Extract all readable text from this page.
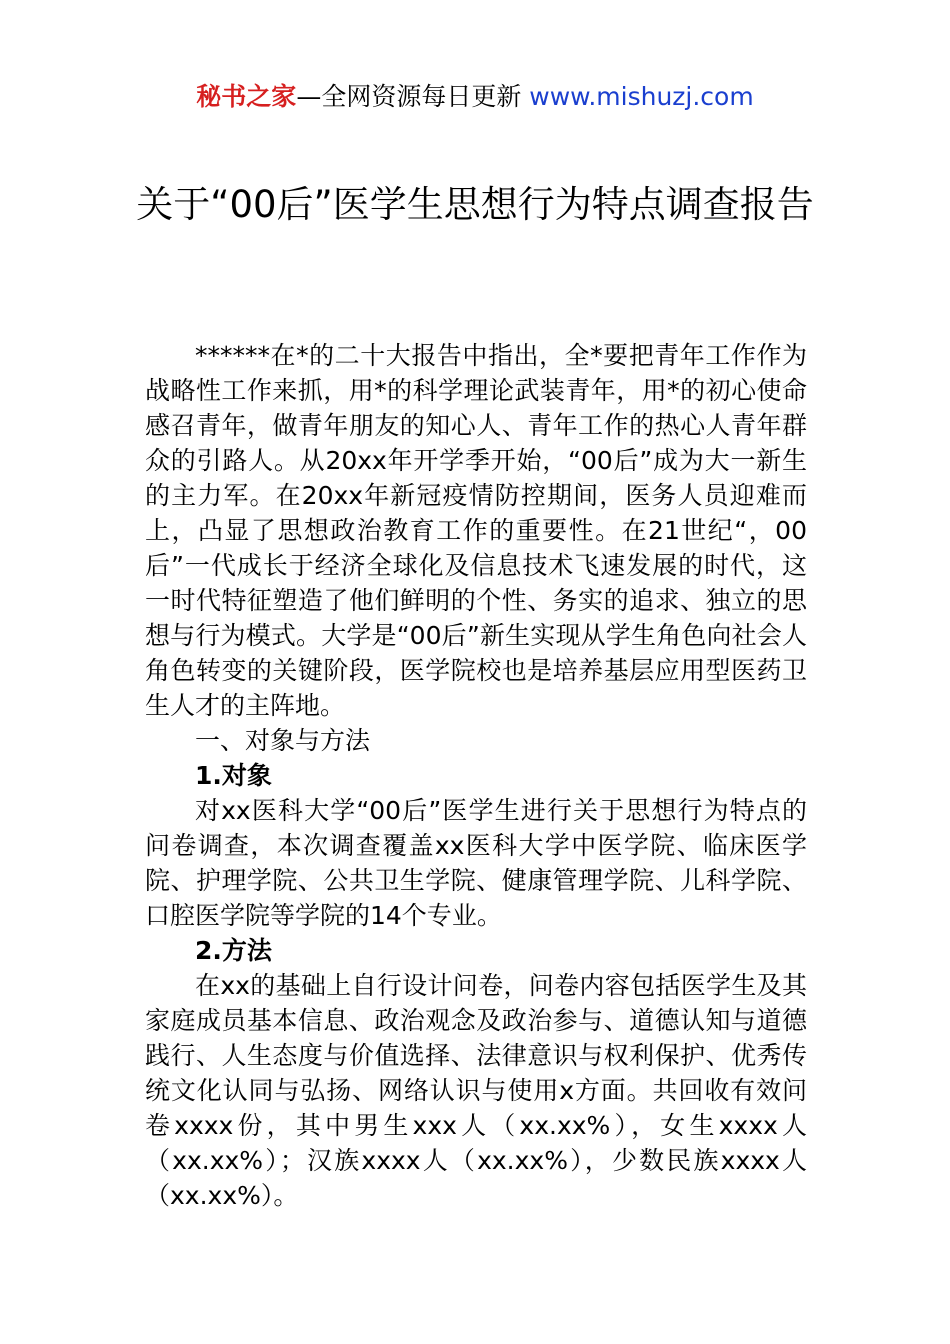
秘书之家—全网资源每日更新 www.mishuzj.com
关于“00后”医学生思想行为特点调查报告

******在*的二十大报告中指出，全*要把青年工作作为战略性工作来抓，用*的科学理论武装青年，用*的初心使命感召青年，做青年朋友的知心人、青年工作的热心人青年群众的引路人。从20xx年开学季开始，“00后”成为大一新生的主力军。在20xx年新冠疫情防控期间，医务人员迎难而上，凸显了思想政治教育工作的重要性。在21世纪“，00后”一代成长于经济全球化及信息技术飞速发展的时代，这一时代特征塑造了他们鲜明的个性、务实的追求、独立的思想与行为模式。大学是“00后”新生实现从学生角色向社会人角色转变的关键阶段，医学院校也是培养基层应用型医药卫生人才的主阵地。

一、对象与方法

1.对象

对xx医科大学“00后”医学生进行关于思想行为特点的问卷调查，本次调查覆盖xx医科大学中医学院、临床医学院、护理学院、公共卫生学院、健康管理学院、儿科学院、口腔医学院等学院的14个专业。

2.方法

在xx的基础上自行设计问卷，问卷内容包括医学生及其家庭成员基本信息、政治观念及政治参与、道德认知与道德践行、人生态度与价值选择、法律意识与权利保护、优秀传统文化认同与弘扬、网络认识与使用x方面。共回收有效问卷xxxx份，其中男生xxx人（xx.xx%），女生xxxx人（xx.xx%）；汉族xxxx人（xx.xx%），少数民族xxxx人（xx.xx%）。
